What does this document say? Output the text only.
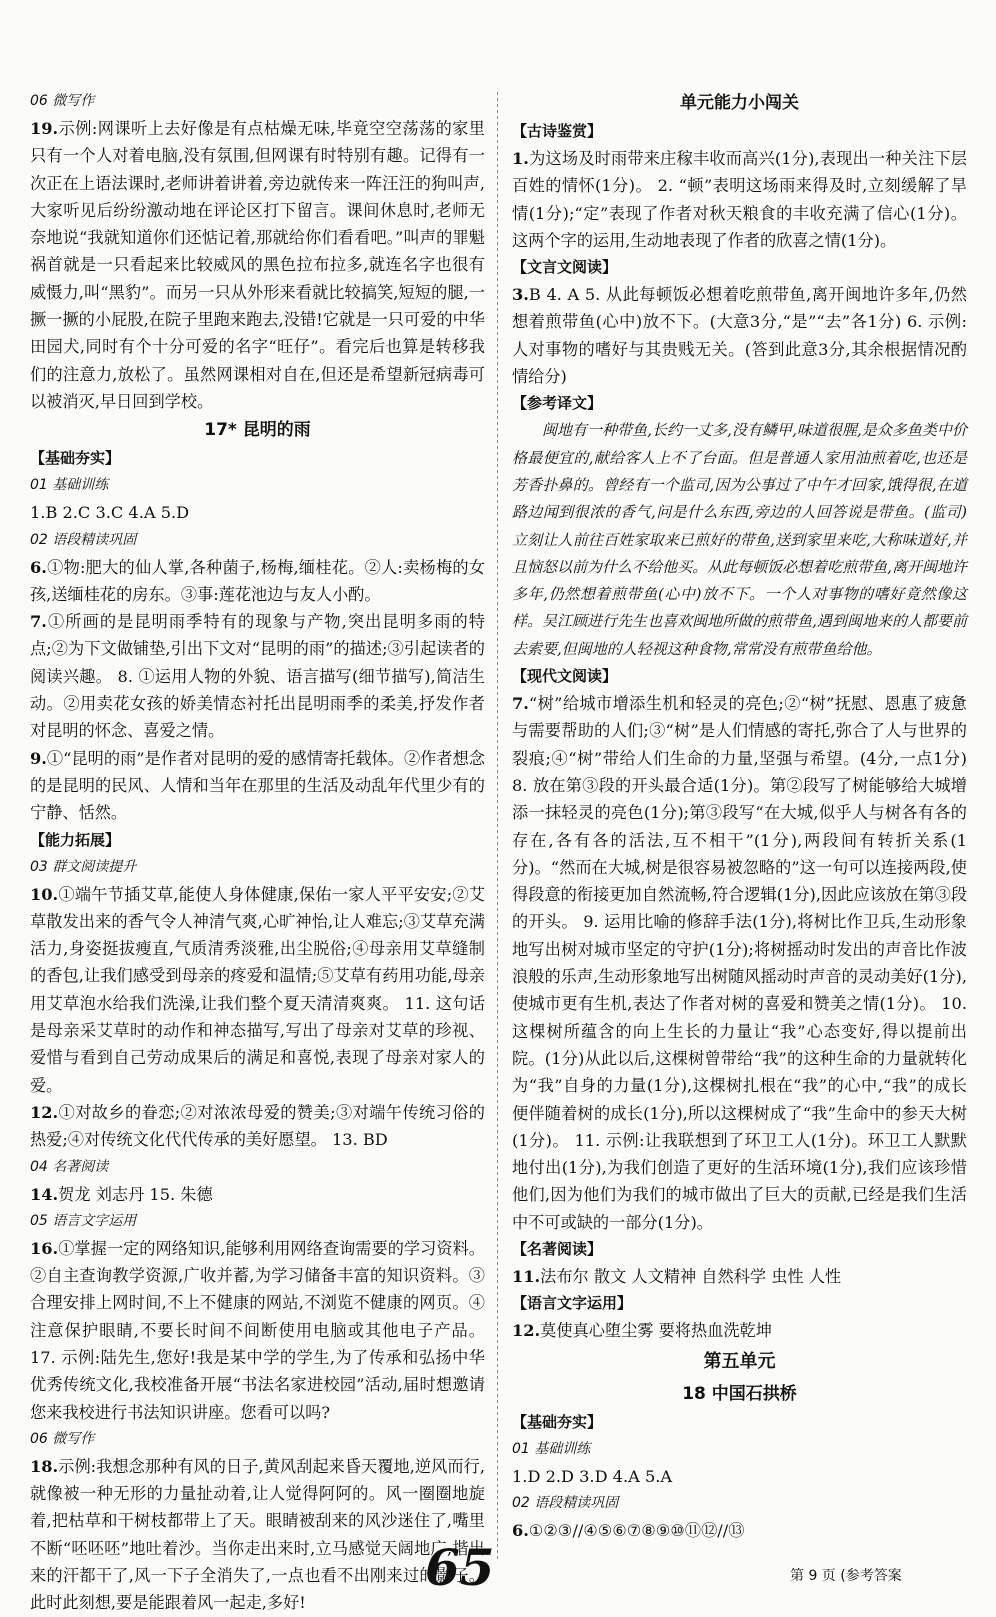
06 微写作

19.示例:网课听上去好像是有点枯燥无味,毕竟空空荡荡的家里只有一个人对着电脑,没有氛围,但网课有时特别有趣。记得有一次正在上语法课时,老师讲着讲着,旁边就传来一阵汪汪的狗叫声,大家听见后纷纷激动地在评论区打下留言。课间休息时,老师无奈地说“我就知道你们还惦记着,那就给你们看看吧。”叫声的罪魁祸首就是一只看起来比较威风的黑色拉布拉多,就连名字也很有威慑力,叫“黑豹”。而另一只从外形来看就比较搞笑,短短的腿,一撅一撅的小屁股,在院子里跑来跑去,没错!它就是一只可爱的中华田园犬,同时有个十分可爱的名字“旺仔”。看完后也算是转移我们的注意力,放松了。虽然网课相对自在,但还是希望新冠病毒可以被消灭,早日回到学校。

17* 昆明的雨

【基础夯实】

01 基础训练

1.B 2.C 3.C 4.A 5.D

02 语段精读巩固

6.①物:肥大的仙人掌,各种菌子,杨梅,缅桂花。②人:卖杨梅的女孩,送缅桂花的房东。③事:莲花池边与友人小酌。

7.①所画的是昆明雨季特有的现象与产物,突出昆明多雨的特点;②为下文做铺垫,引出下文对“昆明的雨”的描述;③引起读者的阅读兴趣。 8. ①运用人物的外貌、语言描写(细节描写),简洁生动。②用卖花女孩的娇美情态衬托出昆明雨季的柔美,抒发作者对昆明的怀念、喜爱之情。

9.①“昆明的雨”是作者对昆明的爱的感情寄托载体。②作者想念的是昆明的民风、人情和当年在那里的生活及动乱年代里少有的宁静、恬然。

【能力拓展】

03 群文阅读提升

10.①端午节插艾草,能使人身体健康,保佑一家人平平安安;②艾草散发出来的香气令人神清气爽,心旷神怡,让人难忘;③艾草充满活力,身姿挺拔瘦直,气质清秀淡雅,出尘脱俗;④母亲用艾草缝制的香包,让我们感受到母亲的疼爱和温情;⑤艾草有药用功能,母亲用艾草泡水给我们洗澡,让我们整个夏天清清爽爽。 11. 这句话是母亲采艾草时的动作和神态描写,写出了母亲对艾草的珍视、爱惜与看到自己劳动成果后的满足和喜悦,表现了母亲对家人的爱。

12.①对故乡的眷恋;②对浓浓母爱的赞美;③对端午传统习俗的热爱;④对传统文化代代传承的美好愿望。 13. BD

04 名著阅读

14.贺龙 刘志丹 15. 朱德

05 语言文字运用

16.①掌握一定的网络知识,能够利用网络查询需要的学习资料。②自主查询教学资源,广收并蓄,为学习储备丰富的知识资料。③合理安排上网时间,不上不健康的网站,不浏览不健康的网页。④注意保护眼睛,不要长时间不间断使用电脑或其他电子产品。 17. 示例:陆先生,您好!我是某中学的学生,为了传承和弘扬中华优秀传统文化,我校准备开展“书法名家进校园”活动,届时想邀请您来我校进行书法知识讲座。您看可以吗?

06 微写作

18.示例:我想念那种有风的日子,黄风刮起来昏天覆地,逆风而行,就像被一种无形的力量扯动着,让人觉得阿阿的。风一圈圈地旋着,把枯草和干树枝都带上了天。眼睛被刮来的风沙迷住了,嘴里不断“呸呸呸”地吐着沙。当你走出来时,立马感觉天阔地广,揩出来的汗都干了,风一下子全消失了,一点也看不出刚来过的影子。此时此刻想,要是能跟着风一起走,多好!

单元能力小闯关

【古诗鉴赏】

1.为这场及时雨带来庄稼丰收而高兴(1分),表现出一种关注下层百姓的情怀(1分)。 2. “顿”表明这场雨来得及时,立刻缓解了旱情(1分);“定”表现了作者对秋天粮食的丰收充满了信心(1分)。这两个字的运用,生动地表现了作者的欣喜之情(1分)。

【文言文阅读】

3.B 4. A 5. 从此每顿饭必想着吃煎带鱼,离开闽地许多年,仍然想着煎带鱼(心中)放不下。(大意3分,“是”“去”各1分) 6. 示例:人对事物的嗜好与其贵贱无关。(答到此意3分,其余根据情况酌情给分)

【参考译文】

闽地有一种带鱼,长约一丈多,没有鳞甲,味道很腥,是众多鱼类中价格最便宜的,献给客人上不了台面。但是普通人家用油煎着吃,也还是芳香扑鼻的。曾经有一个监司,因为公事过了中午才回家,饿得很,在道路边闻到很浓的香气,问是什么东西,旁边的人回答说是带鱼。(监司)立刻让人前往百姓家取来已煎好的带鱼,送到家里来吃,大称味道好,并且恼怒以前为什么不给他买。从此每顿饭必想着吃煎带鱼,离开闽地许多年,仍然想着煎带鱼(心中)放不下。一个人对事物的嗜好竟然像这样。吴江顾进行先生也喜欢闽地所做的煎带鱼,遇到闽地来的人都要前去索要,但闽地的人轻视这种食物,常常没有煎带鱼给他。

【现代文阅读】

7.“树”给城市增添生机和轻灵的亮色;②“树”抚慰、恩惠了疲惫与需要帮助的人们;③“树”是人们情感的寄托,弥合了人与世界的裂痕;④“树”带给人们生命的力量,坚强与希望。(4分,一点1分) 8. 放在第③段的开头最合适(1分)。第②段写了树能够给大城增添一抹轻灵的亮色(1分);第③段写“在大城,似乎人与树各有各的存在,各有各的活法,互不相干”(1分),两段间有转折关系(1分)。“然而在大城,树是很容易被忽略的”这一句可以连接两段,使得段意的衔接更加自然流畅,符合逻辑(1分),因此应该放在第③段的开头。 9. 运用比喻的修辞手法(1分),将树比作卫兵,生动形象地写出树对城市坚定的守护(1分);将树摇动时发出的声音比作波浪般的乐声,生动形象地写出树随风摇动时声音的灵动美好(1分),使城市更有生机,表达了作者对树的喜爱和赞美之情(1分)。 10. 这棵树所蕴含的向上生长的力量让“我”心态变好,得以提前出院。(1分)从此以后,这棵树曾带给“我”的这种生命的力量就转化为“我”自身的力量(1分),这棵树扎根在“我”的心中,“我”的成长便伴随着树的成长(1分),所以这棵树成了“我”生命中的参天大树(1分)。 11. 示例:让我联想到了环卫工人(1分)。环卫工人默默地付出(1分),为我们创造了更好的生活环境(1分),我们应该珍惜他们,因为他们为我们的城市做出了巨大的贡献,已经是我们生活中不可或缺的一部分(1分)。

【名著阅读】

11.法布尔 散文 人文精神 自然科学 虫性 人性

【语言文字运用】

12.莫使真心堕尘雾 要将热血洗乾坤

第五单元

18 中国石拱桥

【基础夯实】

01 基础训练

1.D 2.D 3.D 4.A 5.A

02 语段精读巩固

6.①②③//④⑤⑥⑦⑧⑨⑩⑪⑫//⑬

65	第 9 页 (参考答案
